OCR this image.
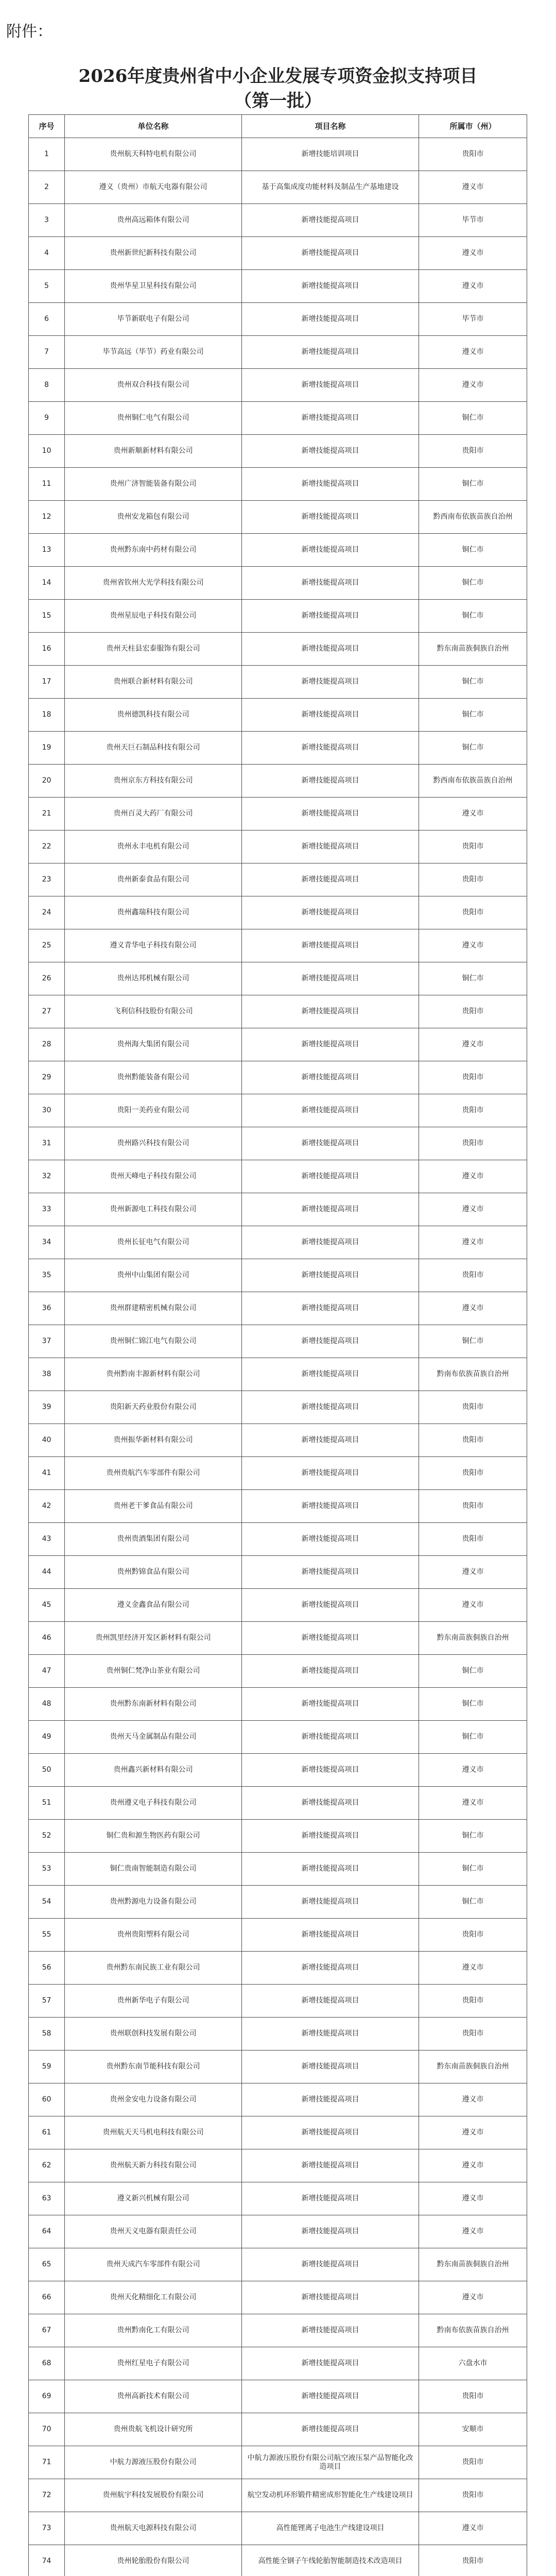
附件：
2026年度贵州省中小企业发展专项资金拟支持项目
（第一批）
序号	单位名称	项目名称	所属市（州）
1	贵州航天科特电机有限公司	新增技能培训项目	贵阳市
2	遵义（贵州）市航天电器有限公司	基于高集成度功能材料及制品生产基地建设	遵义市
3	贵州高远箱体有限公司	新增技能提高项目	毕节市
4	贵州新世纪新科技有限公司	新增技能提高项目	遵义市
5	贵州华星卫星科技有限公司	新增技能提高项目	遵义市
6	毕节新联电子有限公司	新增技能提高项目	毕节市
7	毕节高远（毕节）药业有限公司	新增技能提高项目	遵义市
8	贵州双合科技有限公司	新增技能提高项目	遵义市
9	贵州铜仁电气有限公司	新增技能提高项目	铜仁市
10	贵州新顺新材料有限公司	新增技能提高项目	贵阳市
11	贵州广济智能装备有限公司	新增技能提高项目	铜仁市
12	贵州安龙箱包有限公司	新增技能提高项目	黔西南布依族苗族自治州
13	贵州黔东南中药材有限公司	新增技能提高项目	铜仁市
14	贵州省钦州大光学科技有限公司	新增技能提高项目	铜仁市
15	贵州星辰电子科技有限公司	新增技能提高项目	铜仁市
16	贵州天柱县宏泰服饰有限公司	新增技能提高项目	黔东南苗族侗族自治州
17	贵州联合新材料有限公司	新增技能提高项目	铜仁市
18	贵州德凯科技有限公司	新增技能提高项目	铜仁市
19	贵州天巨石制品科技有限公司	新增技能提高项目	铜仁市
20	贵州京东方科技有限公司	新增技能提高项目	黔西南布依族苗族自治州
21	贵州百灵大药厂有限公司	新增技能提高项目	遵义市
22	贵州永丰电机有限公司	新增技能提高项目	贵阳市
23	贵州新泰食品有限公司	新增技能提高项目	贵阳市
24	贵州鑫瑞科技有限公司	新增技能提高项目	贵阳市
25	遵义青华电子科技有限公司	新增技能提高项目	遵义市
26	贵州达邦机械有限公司	新增技能提高项目	铜仁市
27	飞利信科技股份有限公司	新增技能提高项目	贵阳市
28	贵州海大集团有限公司	新增技能提高项目	遵义市
29	贵州黔能装备有限公司	新增技能提高项目	贵阳市
30	贵阳一美药业有限公司	新增技能提高项目	贵阳市
31	贵州路兴科技有限公司	新增技能提高项目	贵阳市
32	贵州天峰电子科技有限公司	新增技能提高项目	遵义市
33	贵州新源电工科技有限公司	新增技能提高项目	遵义市
34	贵州长征电气有限公司	新增技能提高项目	遵义市
35	贵州中山集团有限公司	新增技能提高项目	贵阳市
36	贵州群建精密机械有限公司	新增技能提高项目	遵义市
37	贵州铜仁锦江电气有限公司	新增技能提高项目	铜仁市
38	贵州黔南丰源新材料有限公司	新增技能提高项目	黔南布依族苗族自治州
39	贵阳新天药业股份有限公司	新增技能提高项目	贵阳市
40	贵州振华新材料有限公司	新增技能提高项目	贵阳市
41	贵州贵航汽车零部件有限公司	新增技能提高项目	贵阳市
42	贵州老干爹食品有限公司	新增技能提高项目	贵阳市
43	贵州贵酒集团有限公司	新增技能提高项目	贵阳市
44	贵州黔锦食品有限公司	新增技能提高项目	遵义市
45	遵义金鑫食品有限公司	新增技能提高项目	遵义市
46	贵州凯里经济开发区新材料有限公司	新增技能提高项目	黔东南苗族侗族自治州
47	贵州铜仁梵净山茶业有限公司	新增技能提高项目	铜仁市
48	贵州黔东南新材料有限公司	新增技能提高项目	铜仁市
49	贵州天马金属制品有限公司	新增技能提高项目	铜仁市
50	贵州鑫兴新材料有限公司	新增技能提高项目	遵义市
51	贵州遵义电子科技有限公司	新增技能提高项目	遵义市
52	铜仁贵和源生物医药有限公司	新增技能提高项目	铜仁市
53	铜仁贵南智能制造有限公司	新增技能提高项目	铜仁市
54	贵州黔源电力设备有限公司	新增技能提高项目	铜仁市
55	贵州贵阳塑料有限公司	新增技能提高项目	贵阳市
56	贵州黔东南民族工业有限公司	新增技能提高项目	遵义市
57	贵州新华电子有限公司	新增技能提高项目	贵阳市
58	贵州联创科技发展有限公司	新增技能提高项目	贵阳市
59	贵州黔东南节能科技有限公司	新增技能提高项目	黔东南苗族侗族自治州
60	贵州金安电力设备有限公司	新增技能提高项目	遵义市
61	贵州航天天马机电科技有限公司	新增技能提高项目	遵义市
62	贵州航天新力科技有限公司	新增技能提高项目	遵义市
63	遵义新兴机械有限公司	新增技能提高项目	遵义市
64	贵州天义电器有限责任公司	新增技能提高项目	遵义市
65	贵州天成汽车零部件有限公司	新增技能提高项目	黔东南苗族侗族自治州
66	贵州天化精细化工有限公司	新增技能提高项目	遵义市
67	贵州黔南化工有限公司	新增技能提高项目	黔南布依族苗族自治州
68	贵州红星电子有限公司	新增技能提高项目	六盘水市
69	贵州高新技术有限公司	新增技能提高项目	贵阳市
70	贵州贵航飞机设计研究所	新增技能提高项目	安顺市
71	中航力源液压股份有限公司	中航力源液压股份有限公司航空液压泵产品智能化改造项目	贵阳市
72	贵州航宇科技发展股份有限公司	航空发动机环形锻件精密成形智能化生产线建设项目	贵阳市
73	贵州航天电源科技有限公司	高性能锂离子电池生产线建设项目	遵义市
74	贵州轮胎股份有限公司	高性能全钢子午线轮胎智能制造技术改造项目	贵阳市
